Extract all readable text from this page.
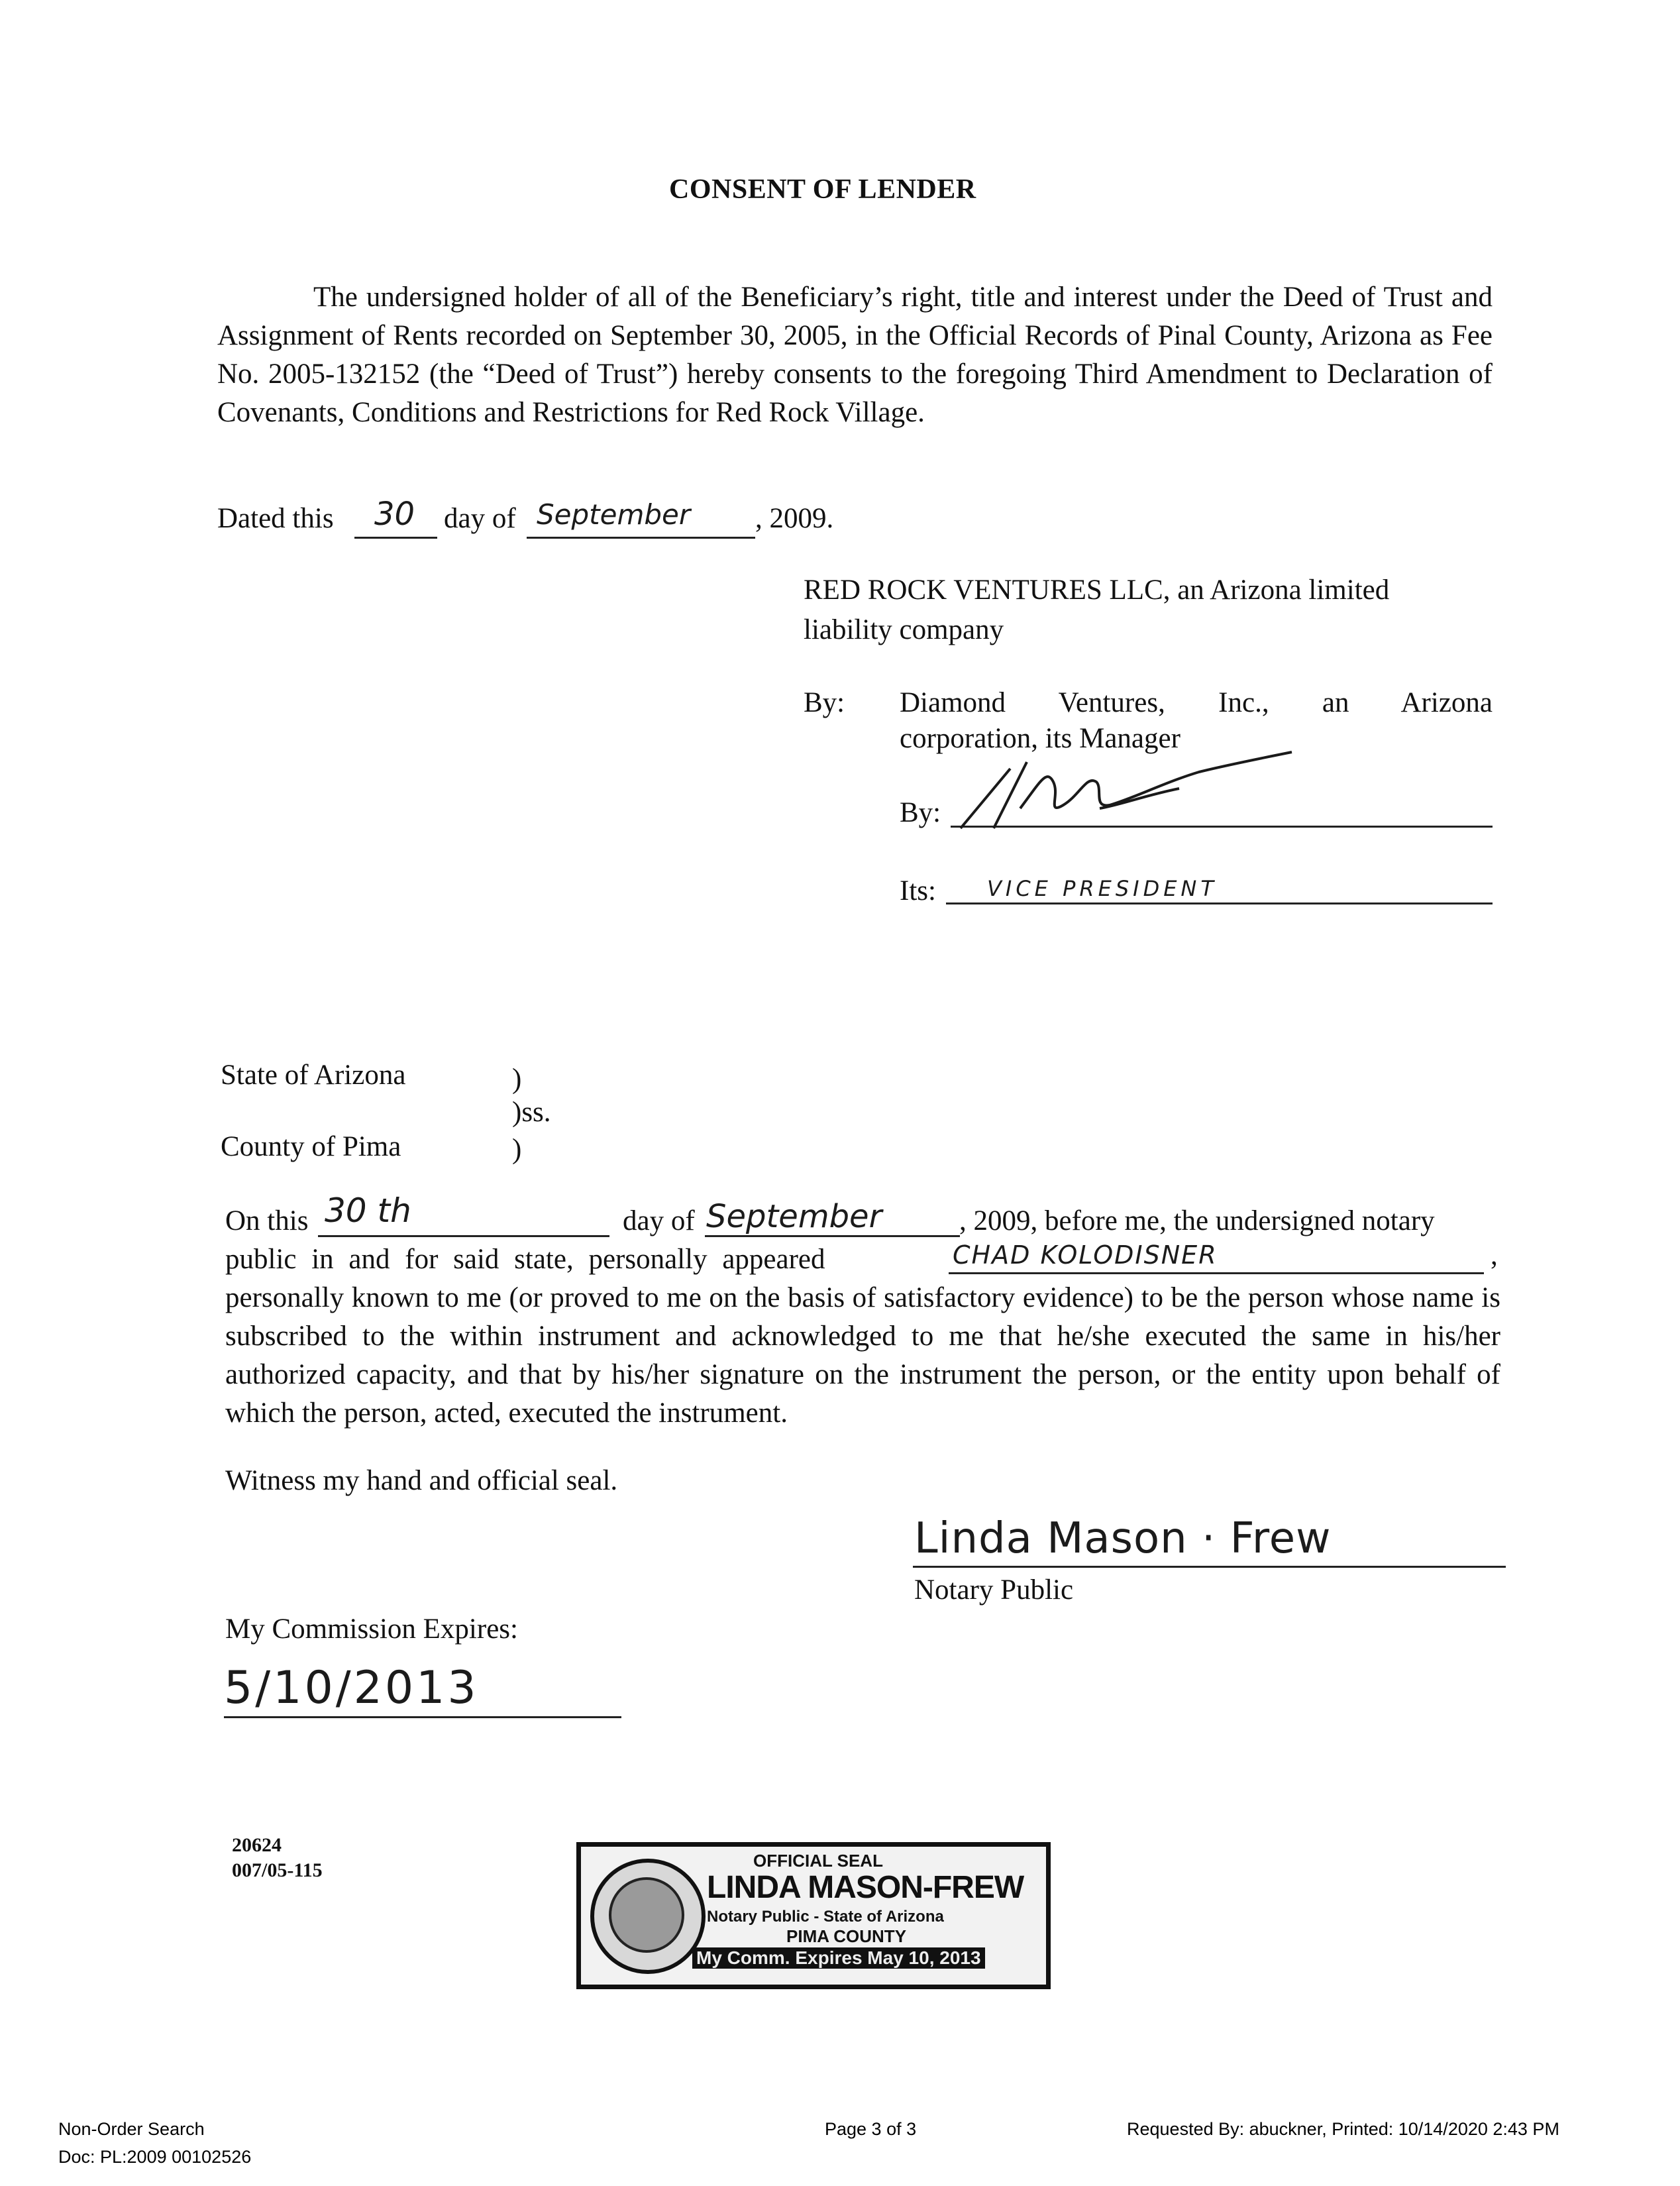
CONSENT OF LENDER
The undersigned holder of all of the Beneficiary’s right, title and interest under the Deed of Trust and Assignment of Rents recorded on September 30, 2005, in the Official Records of Pinal County, Arizona as Fee No. 2005-132152 (the “Deed of Trust”) hereby consents to the foregoing Third Amendment to Declaration of Covenants, Conditions and Restrictions for Red Rock Village.
Dated this 30 day of September , 2009.
RED ROCK VENTURES LLC, an Arizona limited
liability company
By: Diamond Ventures, Inc., an Arizona
corporation, its Manager
By:
Its: VICE PRESIDENT
State of Arizona	)
)ss.
County of Pima	)
On this 30 th	day of September	, 2009, before me, the undersigned notary
public in and for said state, personally appeared	CHAD KOLODISNER	,
personally known to me (or proved to me on the basis of satisfactory evidence) to be the person whose name is subscribed to the within instrument and acknowledged to me that he/she executed the same in his/her authorized capacity, and that by his/her signature on the instrument the person, or the entity upon behalf of which the person, acted, executed the instrument.
Witness my hand and official seal.
Linda Mason · Frew
Notary Public
My Commission Expires:
5/10/2013
20624
007/05-115	OFFICIAL SEAL
LINDA MASON-FREW
Notary Public - State of Arizona
PIMA COUNTY
My Comm. Expires May 10, 2013
Non-Order Search
Doc: PL:2009 00102526
Page 3 of 3	Requested By: abuckner, Printed: 10/14/2020 2:43 PM
